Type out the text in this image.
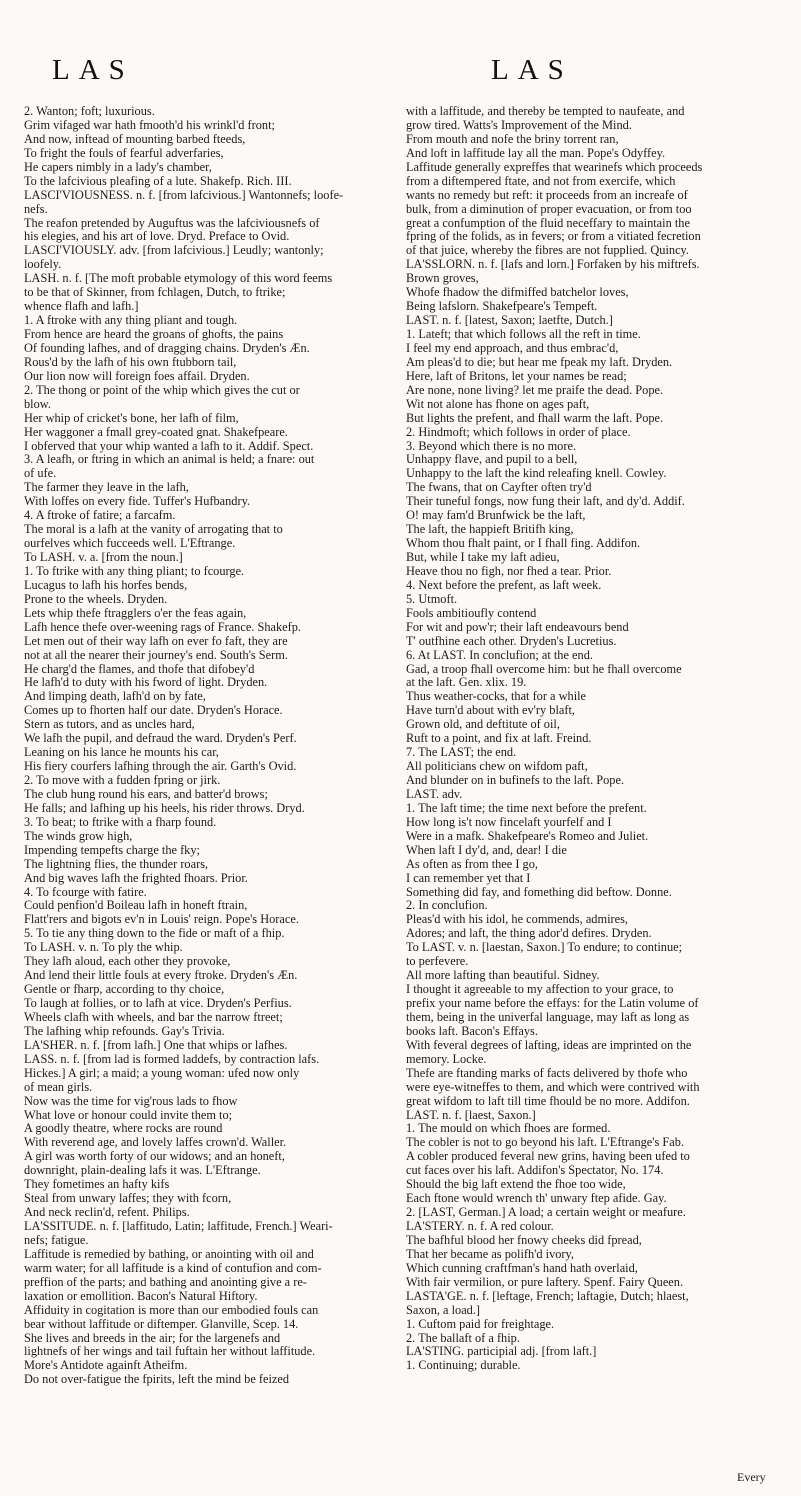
LAS	LAS
2. Wanton; foft; luxurious.
Grim vifaged war hath fmooth'd his wrinkl'd front;
And now, inftead of mounting barbed fteeds,
To fright the fouls of fearful adverfaries,
He capers nimbly in a lady's chamber,
To the lafcivious pleafing of a lute. Shakefp. Rich. III.
LASCI'VIOUSNESS. n. f. [from lafcivious.] Wantonnefs; loofe-
nefs.
The reafon pretended by Auguftus was the lafciviousnefs of
his elegies, and his art of love. Dryd. Preface to Ovid.
LASCI'VIOUSLY. adv. [from lafcivious.] Leudly; wantonly;
loofely.
LASH. n. f. [The moft probable etymology of this word feems
to be that of Skinner, from fchlagen, Dutch, to ftrike;
whence flafh and lafh.]
1. A ftroke with any thing pliant and tough.
From hence are heard the groans of ghofts, the pains
Of founding lafhes, and of dragging chains. Dryden's Æn.
Rous'd by the lafh of his own ftubborn tail,
Our lion now will foreign foes affail. Dryden.
2. The thong or point of the whip which gives the cut or
blow.
Her whip of cricket's bone, her lafh of film,
Her waggoner a fmall grey-coated gnat. Shakefpeare.
I obferved that your whip wanted a lafh to it. Addif. Spect.
3. A leafh, or ftring in which an animal is held; a fnare: out
of ufe.
The farmer they leave in the lafh,
With loffes on every fide. Tuffer's Hufbandry.
4. A ftroke of fatire; a farcafm.
The moral is a lafh at the vanity of arrogating that to
ourfelves which fucceeds well. L'Eftrange.
To LASH. v. a. [from the noun.]
1. To ftrike with any thing pliant; to fcourge.
Lucagus to lafh his horfes bends,
Prone to the wheels. Dryden.
Lets whip thefe ftragglers o'er the feas again,
Lafh hence thefe over-weening rags of France. Shakefp.
Let men out of their way lafh on ever fo faft, they are
not at all the nearer their journey's end. South's Serm.
He charg'd the flames, and thofe that difobey'd
He lafh'd to duty with his fword of light. Dryden.
And limping death, lafh'd on by fate,
Comes up to fhorten half our date. Dryden's Horace.
Stern as tutors, and as uncles hard,
We lafh the pupil, and defraud the ward. Dryden's Perf.
Leaning on his lance he mounts his car,
His fiery courfers lafhing through the air. Garth's Ovid.
2. To move with a fudden fpring or jirk.
The club hung round his ears, and batter'd brows;
He falls; and lafhing up his heels, his rider throws. Dryd.
3. To beat; to ftrike with a fharp found.
The winds grow high,
Impending tempefts charge the fky;
The lightning flies, the thunder roars,
And big waves lafh the frighted fhoars. Prior.
4. To fcourge with fatire.
Could penfion'd Boileau lafh in honeft ftrain,
Flatt'rers and bigots ev'n in Louis' reign. Pope's Horace.
5. To tie any thing down to the fide or maft of a fhip.
To LASH. v. n. To ply the whip.
They lafh aloud, each other they provoke,
And lend their little fouls at every ftroke. Dryden's Æn.
Gentle or fharp, according to thy choice,
To laugh at follies, or to lafh at vice. Dryden's Perfius.
Wheels clafh with wheels, and bar the narrow ftreet;
The lafhing whip refounds. Gay's Trivia.
LA'SHER. n. f. [from lafh.] One that whips or lafhes.
LASS. n. f. [from lad is formed laddefs, by contraction lafs.
Hickes.] A girl; a maid; a young woman: ufed now only
of mean girls.
Now was the time for vig'rous lads to fhow
What love or honour could invite them to;
A goodly theatre, where rocks are round
With reverend age, and lovely laffes crown'd. Waller.
A girl was worth forty of our widows; and an honeft,
downright, plain-dealing lafs it was. L'Eftrange.
They fometimes an hafty kifs
Steal from unwary laffes; they with fcorn,
And neck reclin'd, refent. Philips.
LA'SSITUDE. n. f. [laffitudo, Latin; laffitude, French.] Weari-
nefs; fatigue.
Laffitude is remedied by bathing, or anointing with oil and
warm water; for all laffitude is a kind of contufion and com-
preffion of the parts; and bathing and anointing give a re-
laxation or emollition. Bacon's Natural Hiftory.
Affiduity in cogitation is more than our embodied fouls can
bear without laffitude or diftemper. Glanville, Scep. 14.
She lives and breeds in the air; for the largenefs and
lightnefs of her wings and tail fuftain her without laffitude.
More's Antidote againft Atheifm.
Do not over-fatigue the fpirits, left the mind be feized
with a laffitude, and thereby be tempted to naufeate, and
grow tired. Watts's Improvement of the Mind.
From mouth and nofe the briny torrent ran,
And loft in laffitude lay all the man. Pope's Odyffey.
Laffitude generally expreffes that wearinefs which proceeds
from a diftempered ftate, and not from exercife, which
wants no remedy but reft: it proceeds from an increafe of
bulk, from a diminution of proper evacuation, or from too
great a confumption of the fluid neceffary to maintain the
fpring of the folids, as in fevers; or from a vitiated fecretion
of that juice, whereby the fibres are not fupplied. Quincy.
LA'SSLORN. n. f. [lafs and lorn.] Forfaken by his miftrefs.
Brown groves,
Whofe fhadow the difmiffed batchelor loves,
Being lafslorn. Shakefpeare's Tempeft.
LAST. n. f. [latest, Saxon; laetfte, Dutch.]
1. Lateft; that which follows all the reft in time.
I feel my end approach, and thus embrac'd,
Am pleas'd to die; but hear me fpeak my laft. Dryden.
Here, laft of Britons, let your names be read;
Are none, none living? let me praife the dead. Pope.
Wit not alone has fhone on ages paft,
But lights the prefent, and fhall warm the laft. Pope.
2. Hindmoft; which follows in order of place.
3. Beyond which there is no more.
Unhappy flave, and pupil to a bell,
Unhappy to the laft the kind releafing knell. Cowley.
The fwans, that on Cayfter often try'd
Their tuneful fongs, now fung their laft, and dy'd. Addif.
O! may fam'd Brunfwick be the laft,
The laft, the happieft Britifh king,
Whom thou fhalt paint, or I fhall fing. Addifon.
But, while I take my laft adieu,
Heave thou no figh, nor fhed a tear. Prior.
4. Next before the prefent, as laft week.
5. Utmoft.
Fools ambitioufly contend
For wit and pow'r; their laft endeavours bend
T' outfhine each other. Dryden's Lucretius.
6. At LAST. In conclufion; at the end.
Gad, a troop fhall overcome him: but he fhall overcome
at the laft. Gen. xlix. 19.
Thus weather-cocks, that for a while
Have turn'd about with ev'ry blaft,
Grown old, and deftitute of oil,
Ruft to a point, and fix at laft. Freind.
7. The LAST; the end.
All politicians chew on wifdom paft,
And blunder on in bufinefs to the laft. Pope.
LAST. adv.
1. The laft time; the time next before the prefent.
How long is't now fincelaft yourfelf and I
Were in a mafk. Shakefpeare's Romeo and Juliet.
When laft I dy'd, and, dear! I die
As often as from thee I go,
I can remember yet that I
Something did fay, and fomething did beftow. Donne.
2. In conclufion.
Pleas'd with his idol, he commends, admires,
Adores; and laft, the thing ador'd defires. Dryden.
To LAST. v. n. [laestan, Saxon.] To endure; to continue;
to perfevere.
All more lafting than beautiful. Sidney.
I thought it agreeable to my affection to your grace, to
prefix your name before the effays: for the Latin volume of
them, being in the univerfal language, may laft as long as
books laft. Bacon's Effays.
With feveral degrees of lafting, ideas are imprinted on the
memory. Locke.
Thefe are ftanding marks of facts delivered by thofe who
were eye-witneffes to them, and which were contrived with
great wifdom to laft till time fhould be no more. Addifon.
LAST. n. f. [laest, Saxon.]
1. The mould on which fhoes are formed.
The cobler is not to go beyond his laft. L'Eftrange's Fab.
A cobler produced feveral new grins, having been ufed to
cut faces over his laft. Addifon's Spectator, No. 174.
Should the big laft extend the fhoe too wide,
Each ftone would wrench th' unwary ftep afide. Gay.
2. [LAST, German.] A load; a certain weight or meafure.
LA'STERY. n. f. A red colour.
The bafhful blood her fnowy cheeks did fpread,
That her became as polifh'd ivory,
Which cunning craftfman's hand hath overlaid,
With fair vermilion, or pure laftery. Spenf. Fairy Queen.
LASTA'GE. n. f. [leftage, French; laftagie, Dutch; hlaest,
Saxon, a load.]
1. Cuftom paid for freightage.
2. The ballaft of a fhip.
LA'STING. participial adj. [from laft.]
1. Continuing; durable.
Every
